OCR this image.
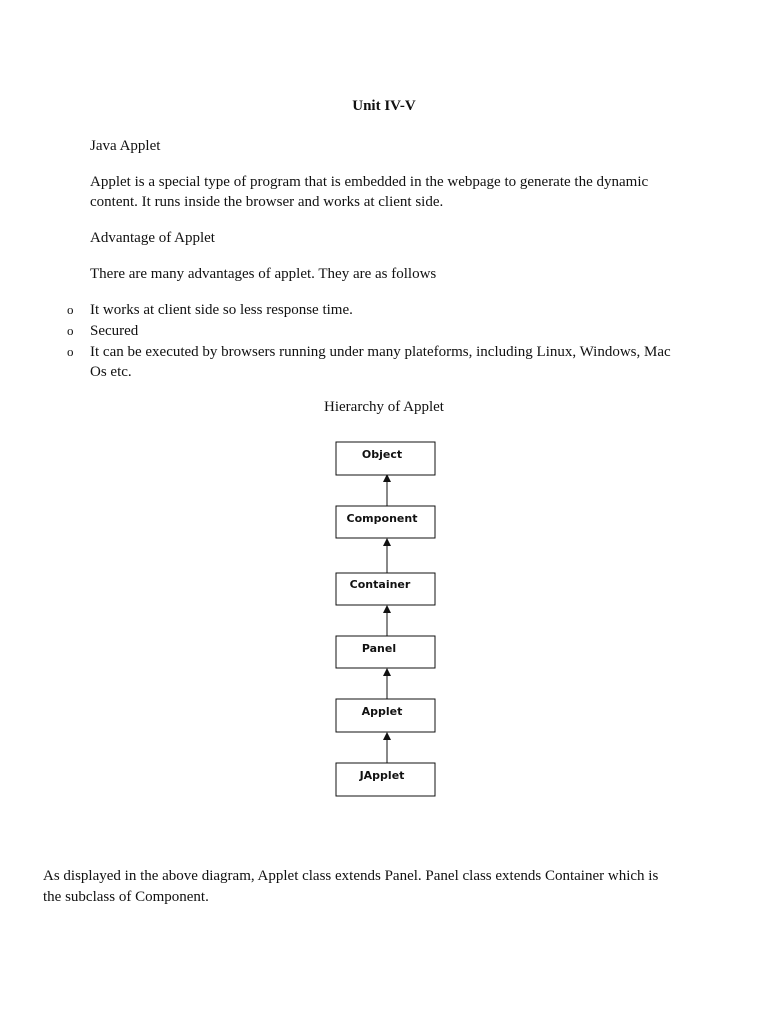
Unit IV-V

Java Applet

Applet is a special type of program that is embedded in the webpage to generate the dynamic content. It runs inside the browser and works at client side.

Advantage of Applet

There are many advantages of applet. They are as follows

o It works at client side so less response time.
o Secured
o It can be executed by browsers running under many plateforms, including Linux, Windows, Mac Os etc.

Hierarchy of Applet

Object
Component
Container
Panel
Applet
JApplet

As displayed in the above diagram, Applet class extends Panel. Panel class extends Container which is the subclass of Component.
